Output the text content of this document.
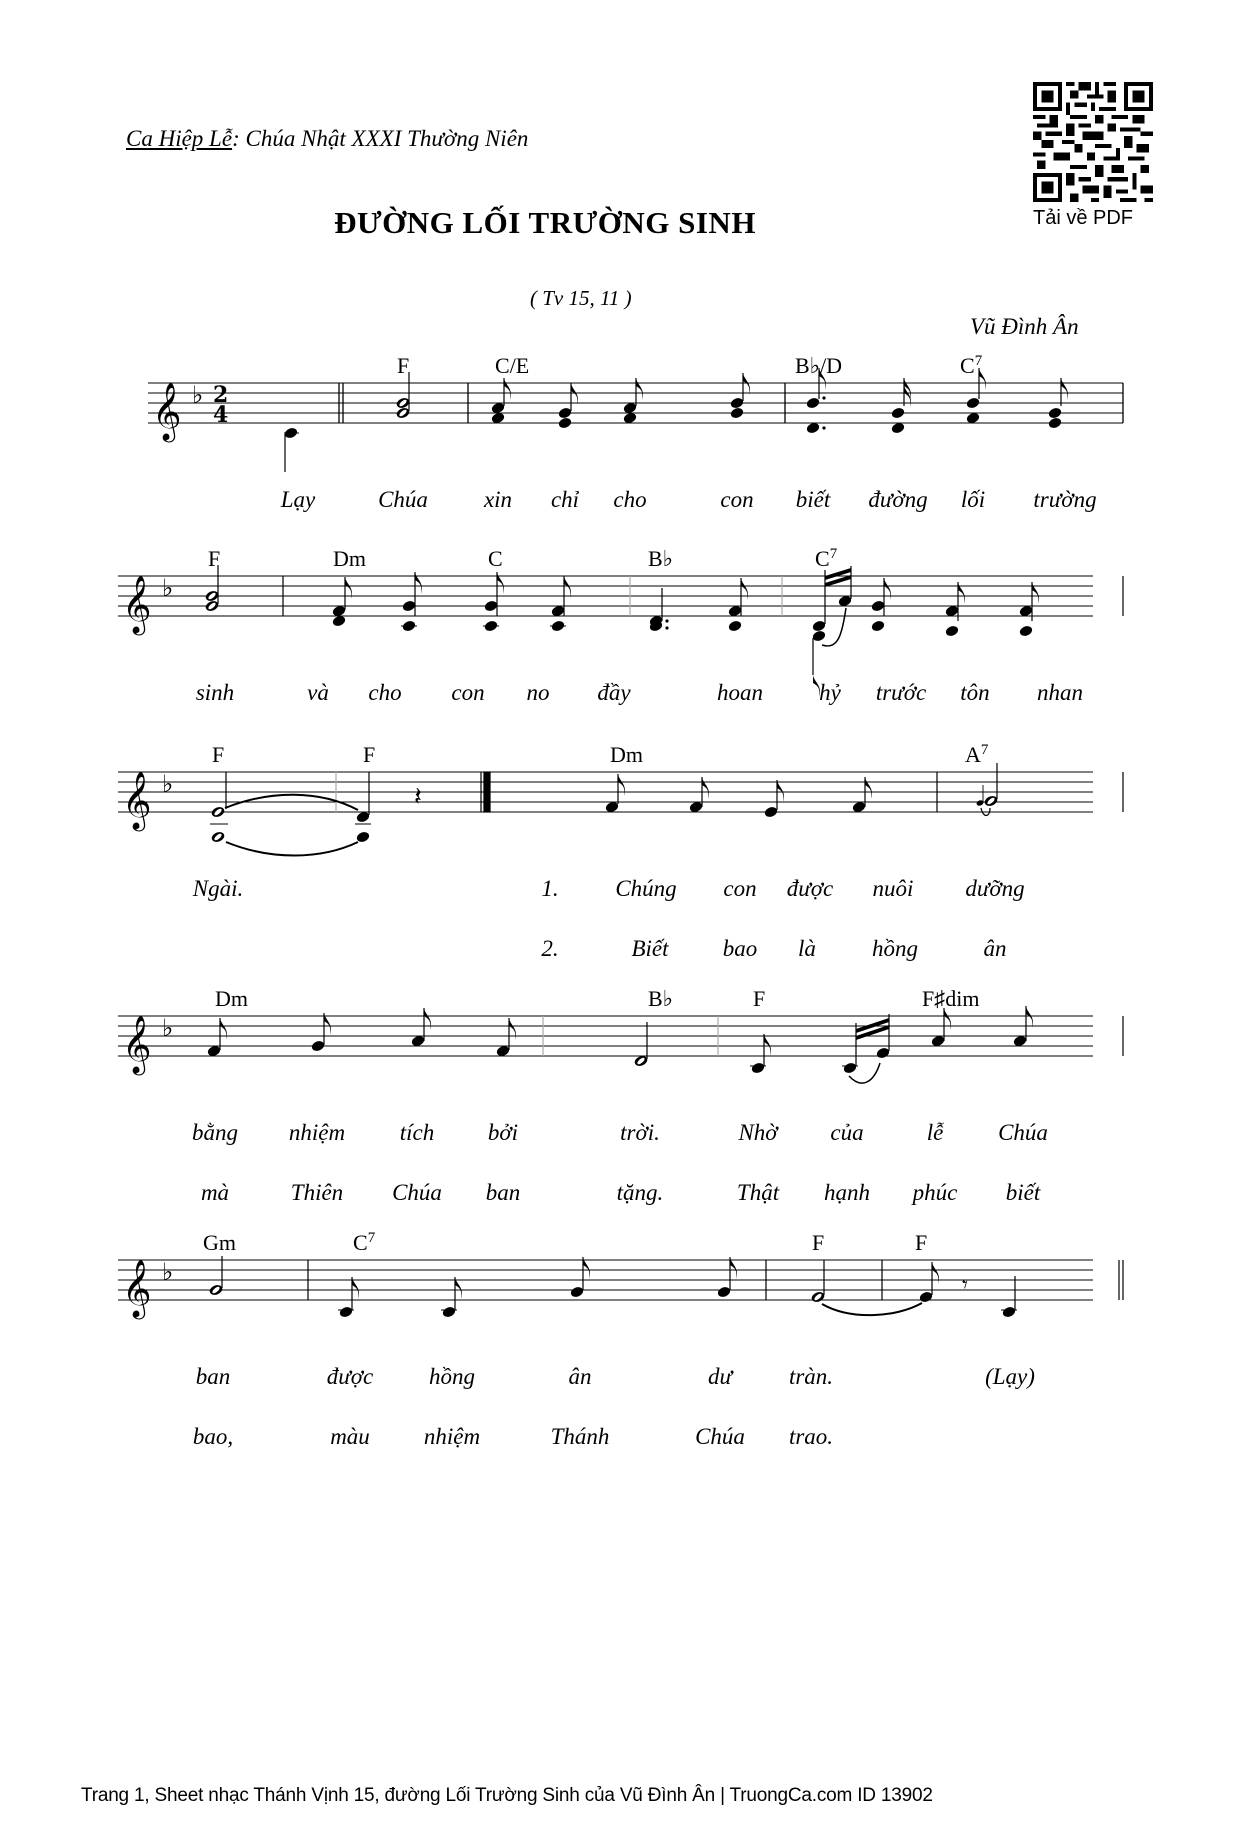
Ca Hiệp Lễ: Chúa Nhật XXXI Thường Niên
ĐƯỜNG LỐI TRƯỜNG SINH
( Tv 15, 11 )
Vũ Đình Ân
Tải về PDF
𝄞 ♭ 2
4
𝄞 ♭
𝄞 ♭	𝄽
𝄞 ♭
𝄞 ♭	𝄾
F	C/E	B♭/D	$C^7$
F	Dm	C	B♭	$C^7$
F	F	Dm	$A^7$
Dm	B♭	F	F♯dim
Gm	$C^7$	F	F
Lạy	Chúa xin chỉ cho	con biết đường lối trường
sinh	và cho con no đầy	hoan hỷ trước tôn nhan
Ngài.	1. Chúng con được nuôi dưỡng
2.	Biết bao là hồng	ân
bằng nhiệm tích bởi	trời.	Nhờ của	lễ Chúa
mà	Thiên Chúa ban	tặng.	Thật hạnh phúc biết
ban	được hồng	ân	dư tràn.	(Lạy)
bao,	màu nhiệm	Thánh	Chúa trao.
Trang 1, Sheet nhạc Thánh Vịnh 15, đường Lối Trường Sinh của Vũ Đình Ân | TruongCa.com ID 13902
